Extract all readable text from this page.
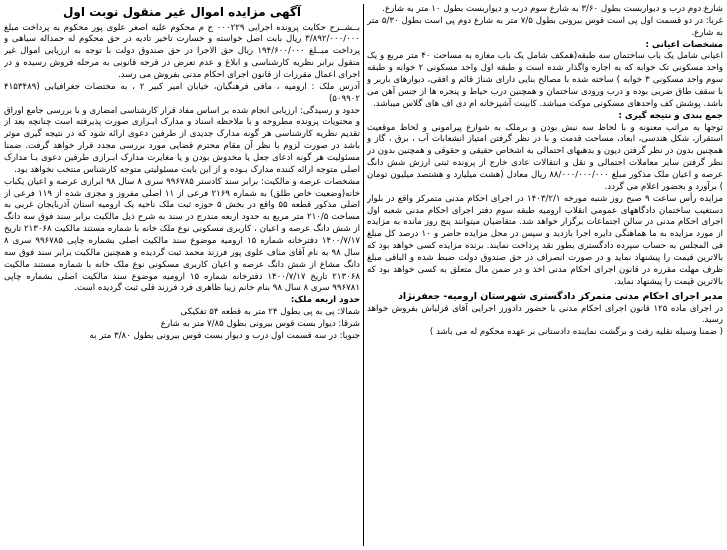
آگهی مزایده اموال غیر منقول نوبت اول

بــشــرح حکایت پرونده اجرایی ۰۰۰۲۲۹ ج م محکوم علیه اصغر علوی پور محکوم به پرداخت مبلغ ۳/۸۹۲/۰۰۰/۰۰۰ ریال بابت اصل خواسته و خسارت تاخیر تادیه در حق محکوم له حمداله سیاهی و پرداخت مبــلغ ۱۹۴/۶۰۰/۰۰۰ ریال حق الاجرا در حق صندوق دولت با توجه به ارزیابی اموال غیر منقول برابر نظریه کارشناسی و ابلاغ و عدم تعرض در فرجه قانونی به مرحله فروش رسیده و در اجرای اعمال مقررات از قانون اجرای احکام مدنی بفروش می رسد.

آدرس ملک : ارومیه ، مافی فرهنگیان، خیابان امیر کبیر ۲ ، به مختصات جغرافیایی (۴۱۵۳۴۸۹ ۵۰۹۹۰۲)

حدود و رسیدگی: ارزیابی انجام شده بر اساس مفاد قرار کارشناسی امضاری و با بررسی جامع اوراق و محتویات پرونده مطروحه و با ملاحظه اسناد و مدارک ابـرازی صورت پذیرفته است چنانچه بعد از تقدیم نظریه کارشناسی هر گونه مدارک جدیدی از طرفین دعوی ارائه شود که در نتیجه گیری موثر باشد در صورت لزوم با نظر آن مقام محترم قضایی مورد بررسی مجدد قرار خواهد گرفت. ضمنا مسئولیت هر گونه ادعای جعل یا مخدوش بودن و یا مغایرت مدارک ابـرازی طرفین دعوی بـا مدارک اصلی متوجه ارائه کننده مدارک بـوده و از این بابت مسئولیتی متوجه کارشناس منتخب نخواهد بود.

مشخصات عرصه و مالکیت: برابر سند کادستر ۹۹۶۷۸۵ سری ۸ سال ۹۸ ابرازی عرصه و اعیان یکباب خانه(وضعیت خاص طلق) به شماره ۲۱۶۹ فرعی از ۱۱ اصلی مفروز و مجزی شده از ۱۱۹ فرعی از اصلی مذکور قطعه ۵۵ واقع در بخش ۵ حوزه ثبت ملک ناحیه یک ارومیه استان آذربایجان غربی به مساحت ۲۱۰/۵ متر مربع به حدود اربعه مندرج در سند به شرح ذیل مالکیت برابر سند فوق سه دانگ از شش دانگ عرصه و اعیان ، کاربری مسکونی نوع ملک خانه با شماره مستند مالکیت ۲۱۳۰۶۸ تاریخ ۱۴۰۰/۷/۱۷ دفترخانه شماره ۱۵ ارومیه موضوع سند مالکیت اصلی بشماره چاپی ۹۹۶۷۸۵ سری ۸ سال ۹۸ به نام آقای مناف علوی پور فرزند محمد ثبت گردیده و همچنین مالکیت برابر سند فوق سه دانگ مشاع از شش دانگ عرصه و اعیان کاربری مسکونی نوع ملک خانه با شماره مستند مالکیت ۲۱۳۰۶۸ تاریخ ۱۴۰۰/۷/۱۷ دفترخانه شماره ۱۵ ارومیه موضوع سند مالکیت اصلی بشماره چاپی ۹۹۶۷۸۱ سری ۸ سال ۹۸ بنام خانم زیبا ظاهری فرد فرزند قلی ثبت گردیده است.

حدود اربعه ملک:

شمالا: پی به پی بطول ۲۴ متر به قطعه ۵۴ تفکیکی

شرقا: دیوار بست قوس بیرونی بطول ۷/۸۵ متر به شارع

جنوبا: در سه قسمت اول درب و دیوار بست قوس بیرونی بطول ۳/۸۰ متر به

شارع دوم درب و دیواربست بطول ۳/۶۰ به شارع سوم درب و دیواربست بطول ۱۰ متر به شارع.

غربا: در دو قسمت اول پی است قوس بیرونی بطول ۷/۵ متر به شارع دوم پی است بطول ۵/۳۰ متر به شارع.

مشخصات اعیانی :

اعیانی شامل یک باب ساختمان سه طبقه(همکف شامل یک باب مغازه به مساحت ۴۰ متر مربع و یک واحد مسکونی تک خوابه که به اجاره واگذار شده است و طبقه اول واحد مسکونی ۲ خوابه و طبقه سوم واحد مسکونی ۳ خوابه ) ساخته شده با مصالح بنایی دارای شناژ قائم و افقی، دیوارهای باربر و با سقف طاق ضربی بوده و درب ورودی ساختمان و همچنین درب حیاط و پنجره ها از جنس آهن می باشد. پوشش کف واحدهای مسکونی موکت میباشد. کابینت آشپزخانه ام دی اف های گلاس میباشد.

جمع بندی و نتیجه گیری :

توجها به مراتب معنونه و با لحاظ سه نبش بودن و برملک به شوارع پیرامونی و لحاظ موقعیت استقرار، شکل هندسی، ابعاد، مساحت قدمت و با در نظر گرفتن امتیاز انشعابات آب ، برق ، گاز و همچنین بدون در نظر گرفتن دیون و بدهیهای احتمالی به اشخاص حقیقی و حقوقی و همچنین بدون در نظر گرفتن سایر معاملات احتمالی و نقل و انتقالات عادی خارج از پرونده ثبتی ارزش شش دانگ عرصه و اعیان ملک مذکور مبلغ ۸۸/۰۰۰/۰۰۰/۰۰۰ ریال معادل (هشت میلیارد و هشتصد میلیون تومان ) برآورد و بحضور اعلام می گردد.

مزایده رأس ساعت ۹ صبح روز شنبه مورخه ۱۴۰۳/۲/۱ در اجرای احکام مدنی متمرکز واقع در بلوار دستغیب ساختمان دادگاههای عمومی انقلاب ارومیه طبقه سوم دفتر اجرای احکام مدنی شعبه اول اجرای احکام مدنی در سالن اجتماعات برگزار خواهد شد. متقاضیان میتوانند پنج روز مانده به مزایده از مورد مزایده به ما هماهنگی دایره اجرا بازدید و سپس در محل مزایده حاضر و ۱۰ درصد کل مبلغ فی المجلس به حساب سپرده دادگستری بطور نقد پرداخت نمایند. برنده مزایده کسی خواهد بود که بالاترین قیمت را پیشنهاد نماید و در صورت انصراف در حق صندوق دولت ضبط شده و الباقی مبلغ ظرف مهلت مقرره در قانون اجرای احکام مدنی اخذ و در ضمن مال متعلق به کسی خواهد بود که بالاترین قیمت را پیشنهاد نماید.

مدیر اجرای احکام مدنی متمرکز دادگستری شهرستان ارومیه- جعفرنژاد

در اجرای ماده ۱۲۵ قانون اجرای احکام مدنی با حضور دادورز اجرایی آقای قزلباش بفروش خواهد رسید.

( ضمنا وسیله نقلیه رفت و برگشت نماینده دادستانی بر عهده محکوم له می باشد )
